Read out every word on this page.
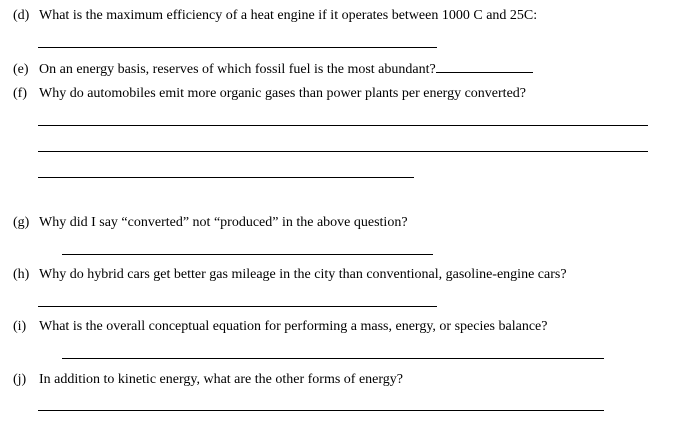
(d) What is the maximum efficiency of a heat engine if it operates between 1000 C and 25C:
(e) On an energy basis, reserves of which fossil fuel is the most abundant?
(f) Why do automobiles emit more organic gases than power plants per energy converted?
(g) Why did I say “converted” not “produced” in the above question?
(h) Why do hybrid cars get better gas mileage in the city than conventional, gasoline-engine cars?
(i) What is the overall conceptual equation for performing a mass, energy, or species balance?
(j) In addition to kinetic energy, what are the other forms of energy?
